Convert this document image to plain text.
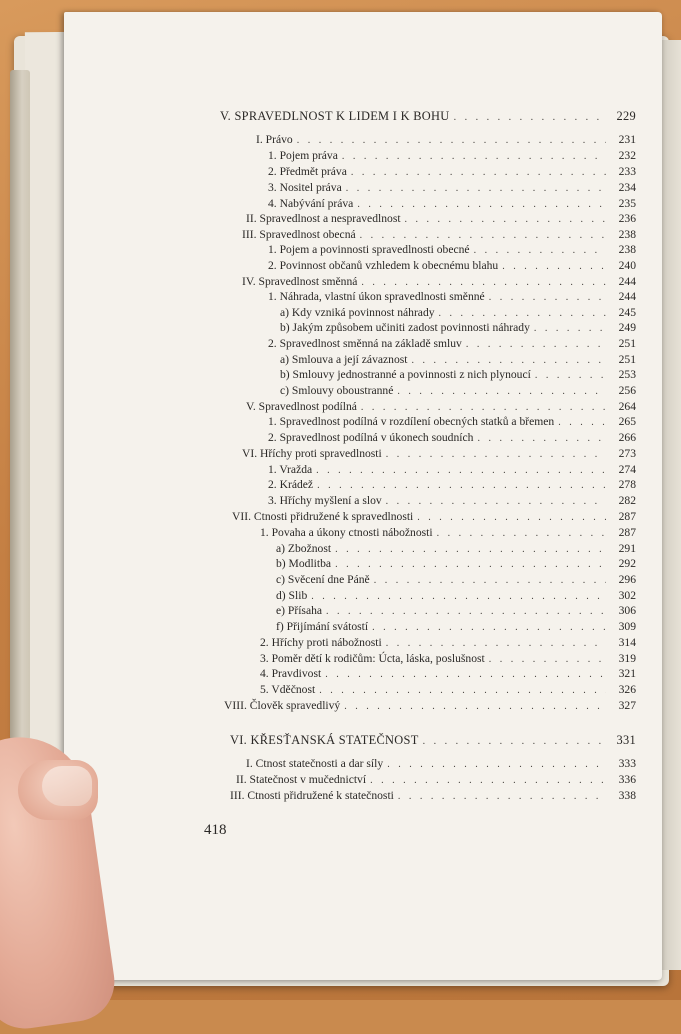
V. SPRAVEDLNOST K LIDEM I K BOHU . . .	229
I. Právo . . .	231
1. Pojem práva . . .	232
2. Předmět práva . . .	233
3. Nositel práva . . .	234
4. Nabývání práva . . .	235
II. Spravedlnost a nespravedlnost . . .	236
III. Spravedlnost obecná . . .	238
1. Pojem a povinnosti spravedlnosti obecné . . .	238
2. Povinnost občanů vzhledem k obecnému blahu . . .	240
IV. Spravedlnost směnná . . .	244
1. Náhrada, vlastní úkon spravedlnosti směnné . . .	244
a) Kdy vzniká povinnost náhrady . . .	245
b) Jakým způsobem učiniti zadost povinnosti náhrady . . .	249
2. Spravedlnost směnná na základě smluv . . .	251
a) Smlouva a její závaznost . . .	251
b) Smlouvy jednostranné a povinnosti z nich plynoucí . . .	253
c) Smlouvy oboustranné . . .	256
V. Spravedlnost podílná . . .	264
1. Spravedlnost podílná v rozdílení obecných statků a břemen . . .	265
2. Spravedlnost podílná v úkonech soudních . . .	266
VI. Hříchy proti spravedlnosti . . .	273
1. Vražda . . .	274
2. Krádež . . .	278
3. Hříchy myšlení a slov . . .	282
VII. Ctnosti přidružené k spravedlnosti . . .	287
1. Povaha a úkony ctnosti nábožnosti . . .	287
a) Zbožnost . . .	291
b) Modlitba . . .	292
c) Svěcení dne Páně . . .	296
d) Slib . . .	302
e) Přísaha . . .	306
f) Přijímání svátostí . . .	309
2. Hříchy proti nábožnosti . . .	314
3. Poměr dětí k rodičům: Úcta, láska, poslušnost . . .	319
4. Pravdivost . . .	321
5. Vděčnost . . .	326
VIII. Člověk spravedlivý . . .	327
VI. KŘESŤANSKÁ STATEČNOST . . .	331
I. Ctnost statečnosti a dar síly . . .	333
II. Statečnost v mučednictví . . .	336
III. Ctnosti přidružené k statečnosti . . .	338
418
